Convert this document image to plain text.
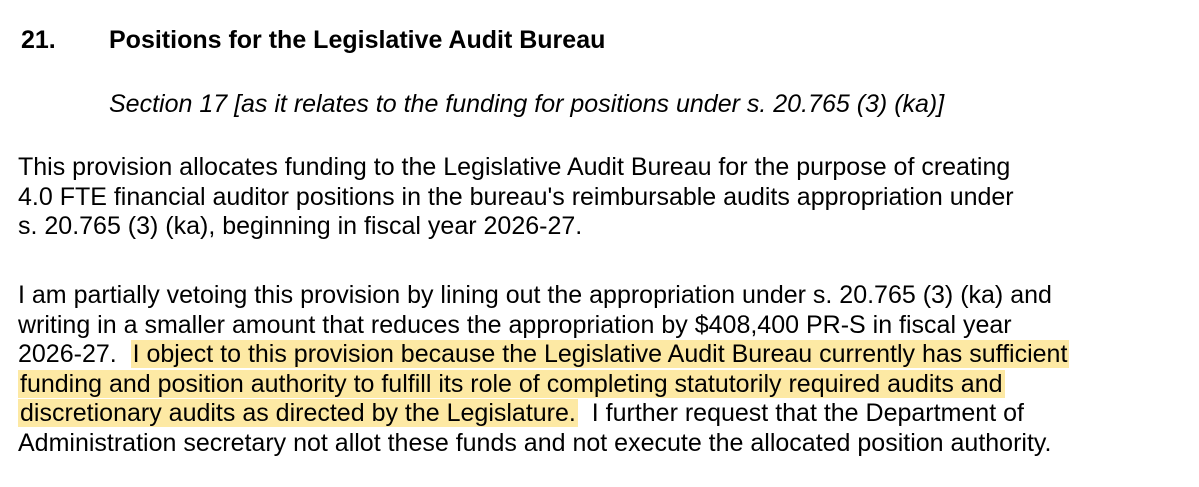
21. Positions for the Legislative Audit Bureau
Section 17 [as it relates to the funding for positions under s. 20.765 (3) (ka)]
This provision allocates funding to the Legislative Audit Bureau for the purpose of creating
4.0 FTE financial auditor positions in the bureau's reimbursable audits appropriation under
s. 20.765 (3) (ka), beginning in fiscal year 2026-27.
I am partially vetoing this provision by lining out the appropriation under s. 20.765 (3) (ka) and
writing in a smaller amount that reduces the appropriation by $408,400 PR-S in fiscal year
2026-27. I object to this provision because the Legislative Audit Bureau currently has sufficient
funding and position authority to fulfill its role of completing statutorily required audits and
discretionary audits as directed by the Legislature. I further request that the Department of
Administration secretary not allot these funds and not execute the allocated position authority.
